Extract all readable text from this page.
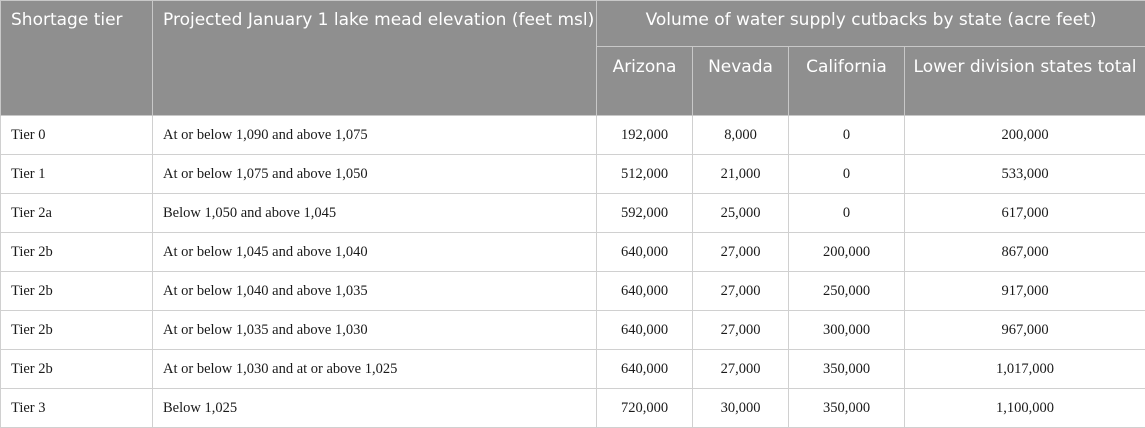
Shortage tier	Projected January 1 lake mead elevation (feet msl)	Volume of water supply cutbacks by state (acre feet)			
		Arizona	Nevada	California	Lower division states total
Tier 0	At or below 1,090 and above 1,075	192,000	8,000	0	200,000
Tier 1	At or below 1,075 and above 1,050	512,000	21,000	0	533,000
Tier 2a	Below 1,050 and above 1,045	592,000	25,000	0	617,000
Tier 2b	At or below 1,045 and above 1,040	640,000	27,000	200,000	867,000
Tier 2b	At or below 1,040 and above 1,035	640,000	27,000	250,000	917,000
Tier 2b	At or below 1,035 and above 1,030	640,000	27,000	300,000	967,000
Tier 2b	At or below 1,030 and at or above 1,025	640,000	27,000	350,000	1,017,000
Tier 3	Below 1,025	720,000	30,000	350,000	1,100,000
